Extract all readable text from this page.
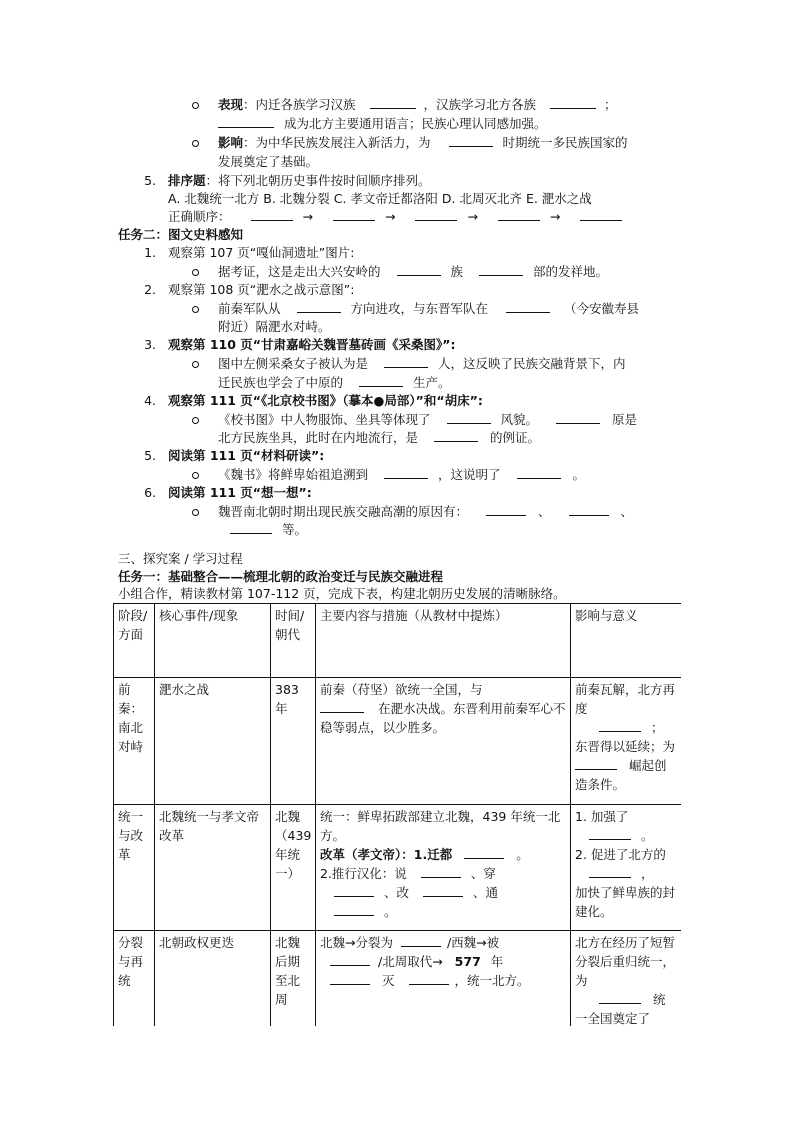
表现：内迁各族学习汉族	，汉族学习北方各族	；
成为北方主要通用语言；民族心理认同感加强。
影响：为中华民族发展注入新活力，为	时期统一多民族国家的
发展奠定了基础。
5. 排序题：将下列北朝历史事件按时间顺序排列。
A. 北魏统一北方 B. 北魏分裂 C. 孝文帝迁都洛阳 D. 北周灭北齐 E. 淝水之战
正确顺序：	→	→	→	→
任务二：图文史料感知
1. 观察第 107 页“嘎仙洞遗址”图片:
据考证，这是走出大兴安岭的	族	部的发祥地。
2. 观察第 108 页“淝水之战示意图”:
前秦军队从	方向进攻，与东晋军队在	（今安徽寿县
附近）隔淝水对峙。
3. 观察第 110 页“甘肃嘉峪关魏晋墓砖画《采桑图》”:
图中左侧采桑女子被认为是	人，这反映了民族交融背景下，内
迁民族也学会了中原的	生产。
4. 观察第 111 页“《北京校书图》（摹本●局部）”和“胡床”:
《校书图》中人物服饰、坐具等体现了	风貌。	原是
北方民族坐具，此时在内地流行，是	的例证。
5. 阅读第 111 页“材料研读”:
《魏书》将鲜卑始祖追溯到	，这说明了	。
6. 阅读第 111 页“想一想”:
魏晋南北朝时期出现民族交融高潮的原因有：	、	、
等。
三、探究案 / 学习过程
任务一：基础整合——梳理北朝的政治变迁与民族交融进程
小组合作，精读教材第 107-112 页，完成下表，构建北朝历史发展的清晰脉络。
阶段/方面	核心事件/现象	时间/朝代	主要内容与措施（从教材中提炼）	影响与意义
前秦：南北对峙	淝水之战	383年	前秦（苻坚）欲统一全国，与
在淝水决战。东晋利用前秦军心不稳等弱点，以少胜多。	前秦瓦解，北方再度
；
东晋得以延续；为
崛起创造条件。
统一与改革	北魏统一与孝文帝改革	北魏（439年统一）	统一：鲜卑拓跋部建立北魏，439 年统一北方。
改革（孝文帝）：1.迁都 。
2.推行汉化：说 、穿
、改 、通
。	1. 加强了
。
2. 促进了北方的
，
加快了鲜卑族的封建化。
分裂与再统	北朝政权更迭	北魏后期至北周	北魏→分裂为 /西魏→被
/北周取代→ 577 年
灭 ，统一北方。	北方在经历了短暂分裂后重归统一，为
统一全国奠定了
